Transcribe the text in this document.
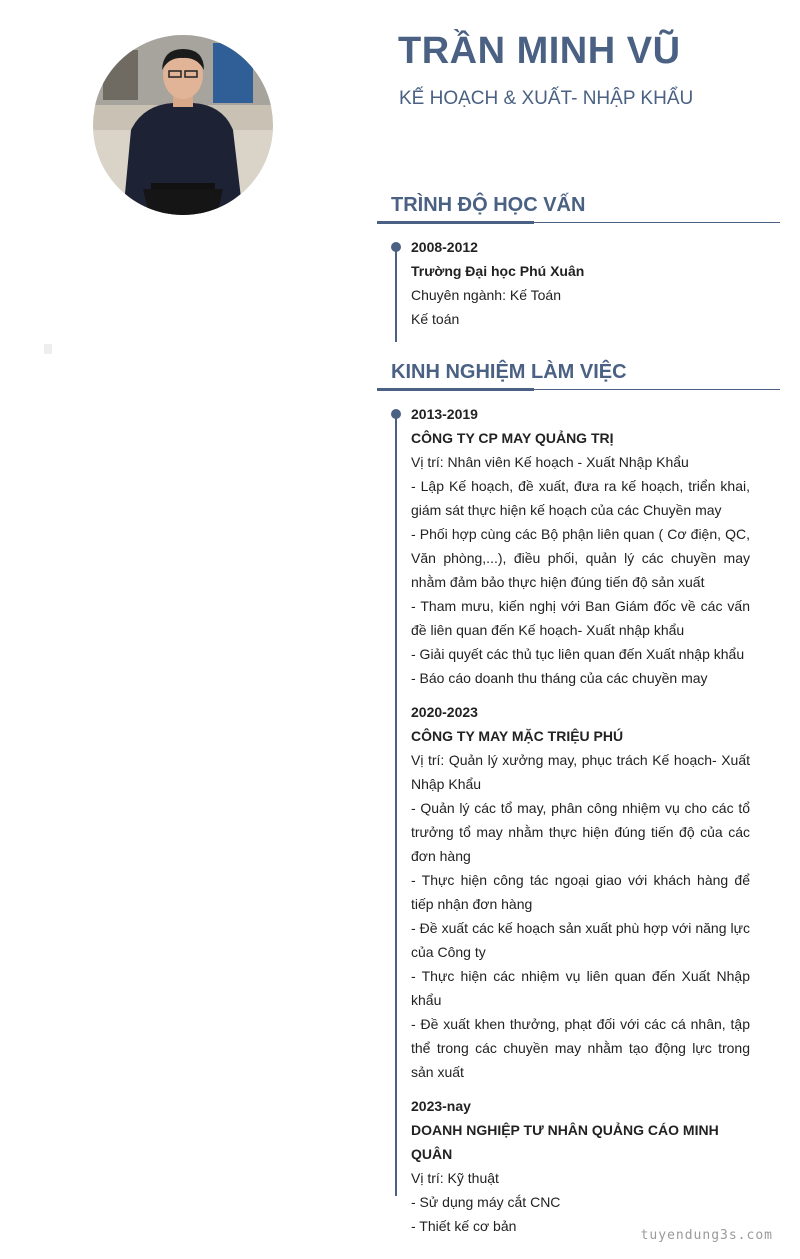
TRẦN MINH VŨ
KẾ HOẠCH & XUẤT- NHẬP KHẨU
TRÌNH ĐỘ HỌC VẤN
2008-2012
Trường Đại học Phú Xuân
Chuyên ngành: Kế Toán
Kế toán
KINH NGHIỆM LÀM VIỆC
2013-2019
CÔNG TY CP MAY QUẢNG TRỊ
Vị trí: Nhân viên Kế hoạch - Xuất Nhập Khẩu
- Lập Kế hoạch, đề xuất, đưa ra kế hoạch, triển khai, giám sát thực hiện kế hoạch của các Chuyền may
- Phối hợp cùng các Bộ phận liên quan ( Cơ điện, QC, Văn phòng,...), điều phối, quản lý các chuyền may nhằm đảm bảo thực hiện đúng tiến độ sản xuất
- Tham mưu, kiến nghị với Ban Giám đốc về các vấn đề liên quan đến Kế hoạch- Xuất nhập khẩu
- Giải quyết các thủ tục liên quan đến Xuất nhập khẩu
- Báo cáo doanh thu tháng của các chuyền may
2020-2023
CÔNG TY MAY MẶC TRIỆU PHÚ
Vị trí: Quản lý xưởng may, phục trách Kế hoạch- Xuất Nhập Khẩu
- Quản lý các tổ may, phân công nhiệm vụ cho các tổ trưởng tổ may nhằm thực hiện đúng tiến độ của các đơn hàng
- Thực hiện công tác ngoại giao với khách hàng để tiếp nhận đơn hàng
- Đề xuất các kế hoạch sản xuất phù hợp với năng lực của Công ty
- Thực hiện các nhiệm vụ liên quan đến Xuất Nhập khẩu
- Đề xuất khen thưởng, phạt đối với các cá nhân, tập thể trong các chuyền may nhằm tạo động lực trong sản xuất
2023-nay
DOANH NGHIỆP TƯ NHÂN QUẢNG CÁO MINH QUÂN
Vị trí: Kỹ thuật
- Sử dụng máy cắt CNC
- Thiết kế cơ bản
tuyendung3s.com
